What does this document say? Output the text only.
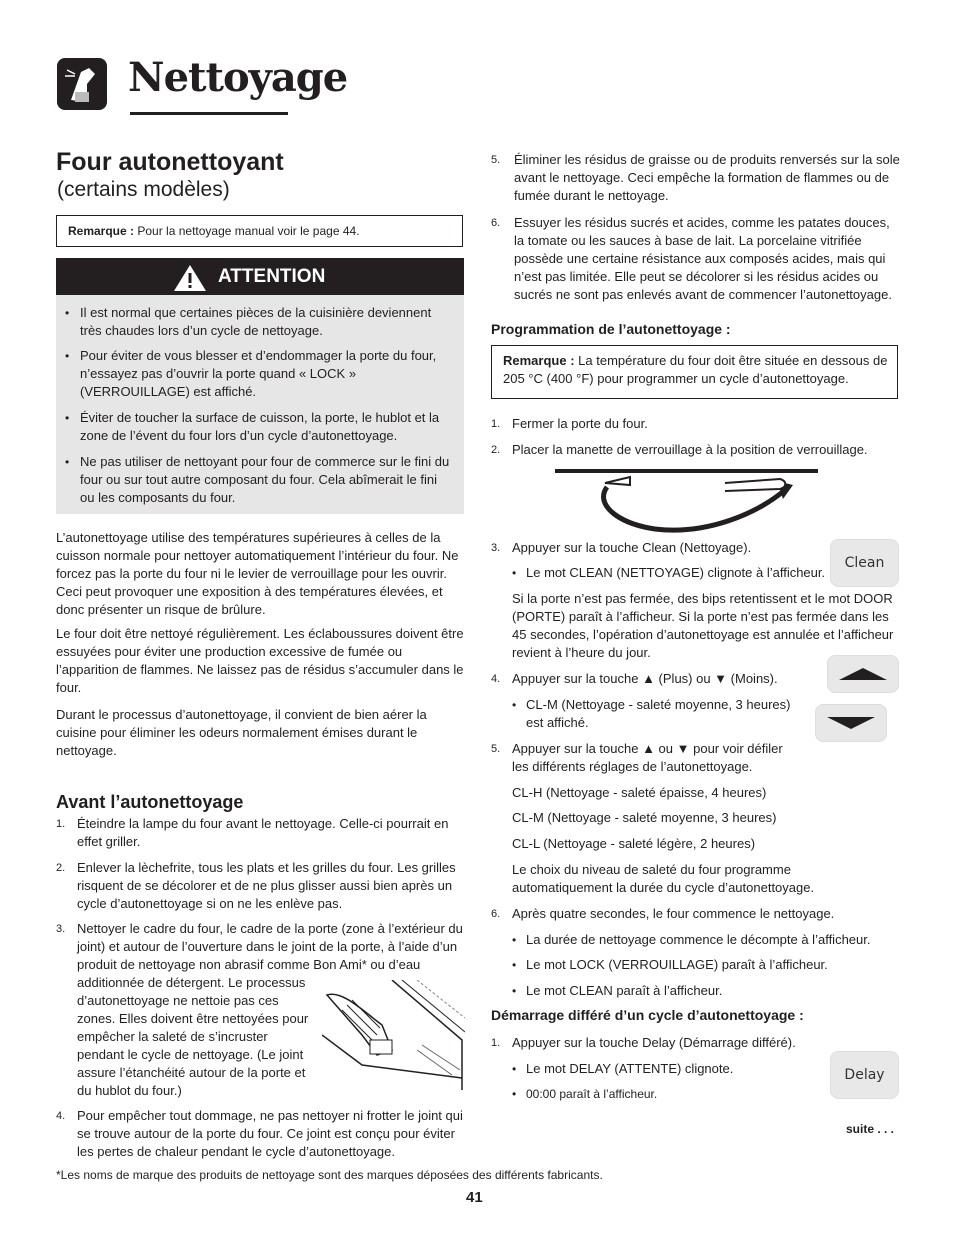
Nettoyage
Four autonettoyant
(certains modèles)
Remarque : Pour la nettoyage manual voir le page 44.
ATTENTION
• Il est normal que certaines pièces de la cuisinière deviennent très chaudes lors d’un cycle de nettoyage.
• Pour éviter de vous blesser et d’endommager la porte du four, n’essayez pas d’ouvrir la porte quand « LOCK » (VERROUILLAGE) est affiché.
• Éviter de toucher la surface de cuisson, la porte, le hublot et la zone de l’évent du four lors d’un cycle d’autonettoyage.
• Ne pas utiliser de nettoyant pour four de commerce sur le fini du four ou sur tout autre composant du four. Cela abîmerait le fini ou les composants du four.
L’autonettoyage utilise des températures supérieures à celles de la cuisson normale pour nettoyer automatiquement l’intérieur du four. Ne forcez pas la porte du four ni le levier de verrouillage pour les ouvrir. Ceci peut provoquer une exposition à des températures élevées, et donc présenter un risque de brûlure.
Le four doit être nettoyé régulièrement. Les éclaboussures doivent être essuyées pour éviter une production excessive de fumée ou l’apparition de flammes. Ne laissez pas de résidus s’accumuler dans le four.
Durant le processus d’autonettoyage, il convient de bien aérer la cuisine pour éliminer les odeurs normalement émises durant le nettoyage.
Avant l’autonettoyage
1. Éteindre la lampe du four avant le nettoyage. Celle-ci pourrait en effet griller.
2. Enlever la lèchefrite, tous les plats et les grilles du four. Les grilles risquent de se décolorer et de ne plus glisser aussi bien après un cycle d’autonettoyage si on ne les enlève pas.
3. Nettoyer le cadre du four, le cadre de la porte (zone à l’extérieur du joint) et autour de l’ouverture dans le joint de la porte, à l’aide d’un produit de nettoyage non abrasif comme Bon Ami* ou d’eau
additionnée de détergent. Le processus d’autonettoyage ne nettoie pas ces zones. Elles doivent être nettoyées pour empêcher la saleté de s’incruster pendant le cycle de nettoyage. (Le joint assure l’étanchéité autour de la porte et du hublot du four.)
4. Pour empêcher tout dommage, ne pas nettoyer ni frotter le joint qui se trouve autour de la porte du four. Ce joint est conçu pour éviter les pertes de chaleur pendant le cycle d’autonettoyage.
*Les noms de marque des produits de nettoyage sont des marques déposées des différents fabricants.
41
5. Éliminer les résidus de graisse ou de produits renversés sur la sole avant le nettoyage. Ceci empêche la formation de flammes ou de fumée durant le nettoyage.
6. Essuyer les résidus sucrés et acides, comme les patates douces, la tomate ou les sauces à base de lait. La porcelaine vitrifiée possède une certaine résistance aux composés acides, mais qui n’est pas limitée. Elle peut se décolorer si les résidus acides ou sucrés ne sont pas enlevés avant de commencer l’autonettoyage.
Programmation de l’autonettoyage :
Remarque : La température du four doit être située en dessous de 205 °C (400 °F) pour programmer un cycle d’autonettoyage.
1. Fermer la porte du four.
2. Placer la manette de verrouillage à la position de verrouillage.
3. Appuyer sur la touche Clean (Nettoyage).
• Le mot CLEAN (NETTOYAGE) clignote à l’afficheur.
Si la porte n’est pas fermée, des bips retentissent et le mot DOOR (PORTE) paraît à l’afficheur. Si la porte n’est pas fermée dans les 45 secondes, l’opération d’autonettoyage est annulée et l’afficheur revient à l’heure du jour.
4. Appuyer sur la touche ▲ (Plus) ou ▼ (Moins).
• CL-M (Nettoyage - saleté moyenne, 3 heures) est affiché.
5. Appuyer sur la touche ▲ ou ▼ pour voir défiler les différents réglages de l’autonettoyage.
CL-H (Nettoyage - saleté épaisse, 4 heures)
CL-M (Nettoyage - saleté moyenne, 3 heures)
CL-L (Nettoyage - saleté légère, 2 heures)
Le choix du niveau de saleté du four programme automatiquement la durée du cycle d’autonettoyage.
6. Après quatre secondes, le four commence le nettoyage.
• La durée de nettoyage commence le décompte à l’afficheur.
• Le mot LOCK (VERROUILLAGE) paraît à l’afficheur.
• Le mot CLEAN paraît à l’afficheur.
Démarrage différé d’un cycle d’autonettoyage :
1. Appuyer sur la touche Delay (Démarrage différé).
• Le mot DELAY (ATTENTE) clignote.
• 00:00 paraît à l’afficheur.
suite . . .
Clean
Delay
